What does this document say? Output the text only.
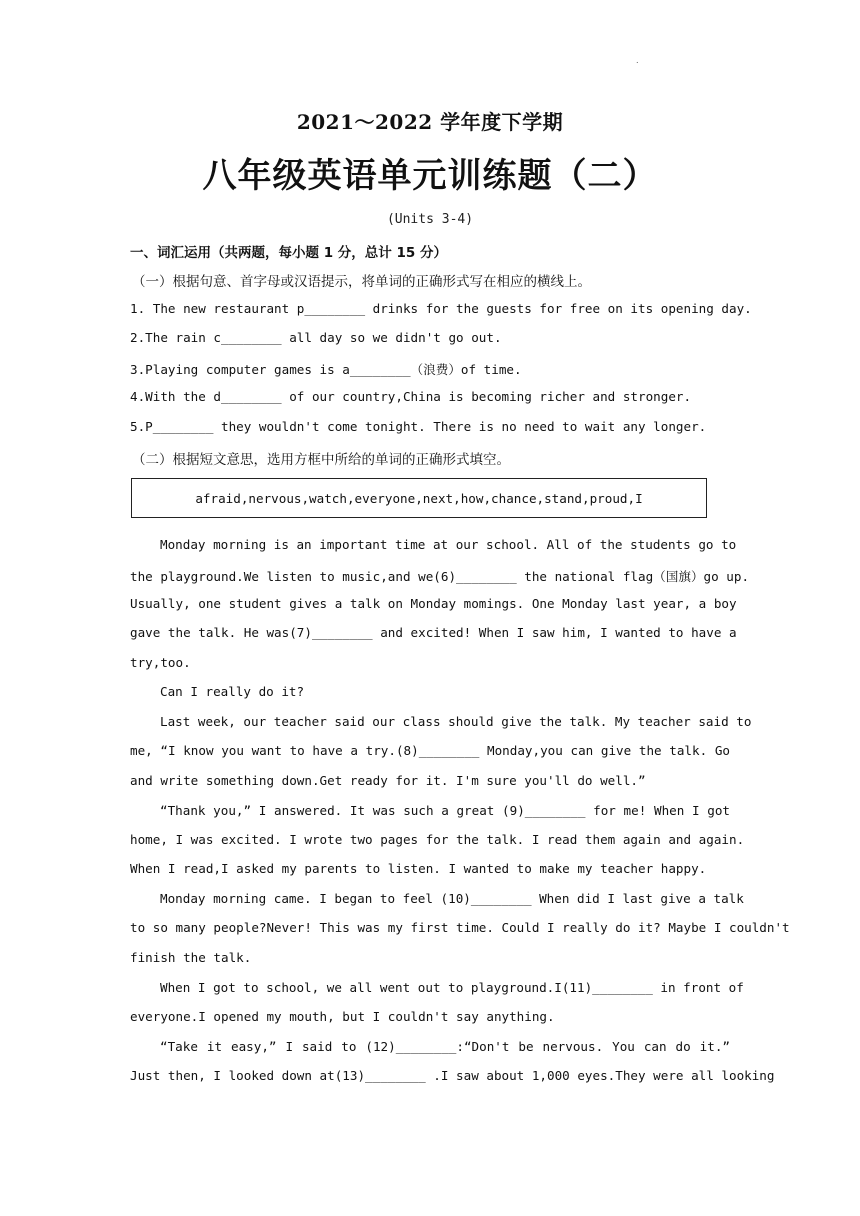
.
2021～2022 学年度下学期
八年级英语单元训练题（二）
(Units 3-4)
一、词汇运用（共两题，每小题 1 分，总计 15 分）
（一）根据句意、首字母或汉语提示，将单词的正确形式写在相应的横线上。
1. The new restaurant p________ drinks for the guests for free on its opening day.
2.The rain c________ all day so we didn't go out.
3.Playing computer games is a________（浪费）of time.
4.With the d________ of our country,China is becoming richer and stronger.
5.P________ they wouldn't come tonight. There is no need to wait any longer.
（二）根据短文意思，选用方框中所给的单词的正确形式填空。
afraid,nervous,watch,everyone,next,how,chance,stand,proud,I
Monday morning is an important time at our school. All of the students go to
the playground.We listen to music,and we(6)________ the national flag（国旗）go up.
Usually, one student gives a talk on Monday momings. One Monday last year, a boy
gave the talk. He was(7)________ and excited! When I saw him, I wanted to have a
try,too.
Can I really do it?
Last week, our teacher said our class should give the talk. My teacher said to
me, “I know you want to have a try.(8)________ Monday,you can give the talk. Go
and write something down.Get ready for it. I'm sure you'll do well.”
“Thank you,” I answered. It was such a great (9)________ for me! When I got
home, I was excited. I wrote two pages for the talk. I read them again and again.
When I read,I asked my parents to listen. I wanted to make my teacher happy.
Monday morning came. I began to feel (10)________ When did I last give a talk
to so many people?Never! This was my first time. Could I really do it? Maybe I couldn't
finish the talk.
When I got to school, we all went out to playground.I(11)________ in front of
everyone.I opened my mouth, but I couldn't say anything.
“Take it easy,” I said to (12)________:“Don't be nervous. You can do it.”
Just then, I looked down at(13)________ .I saw about 1,000 eyes.They were all looking
